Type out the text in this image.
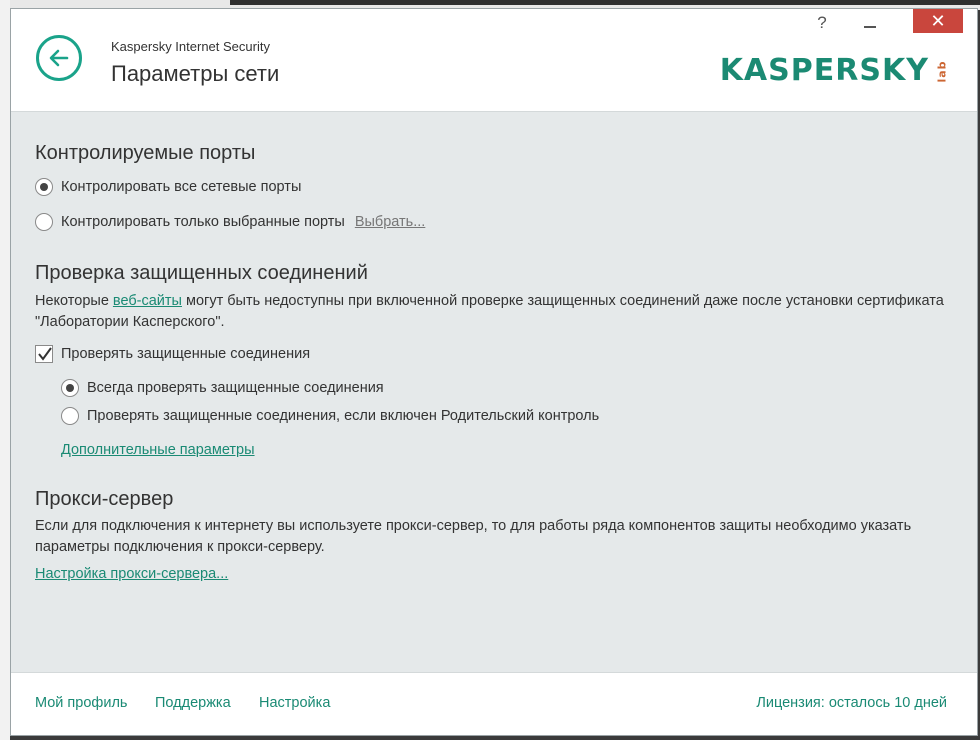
Kaspersky Internet Security
Параметры сети
?	✕
KASPERSKY lab
Контролируемые порты
Контролировать все сетевые порты
Контролировать только выбранные порты Выбрать...
Проверка защищенных соединений
Некоторые веб-сайты могут быть недоступны при включенной проверке защищенных соединений даже после установки сертификата "Лаборатории Касперского".
Проверять защищенные соединения
Всегда проверять защищенные соединения
Проверять защищенные соединения, если включен Родительский контроль
Дополнительные параметры
Прокси-сервер
Если для подключения к интернету вы используете прокси-сервер, то для работы ряда компонентов защиты необходимо указать параметры подключения к прокси-серверу.
Настройка прокси-сервера...
Мой профиль Поддержка Настройка	Лицензия: осталось 10 дней
